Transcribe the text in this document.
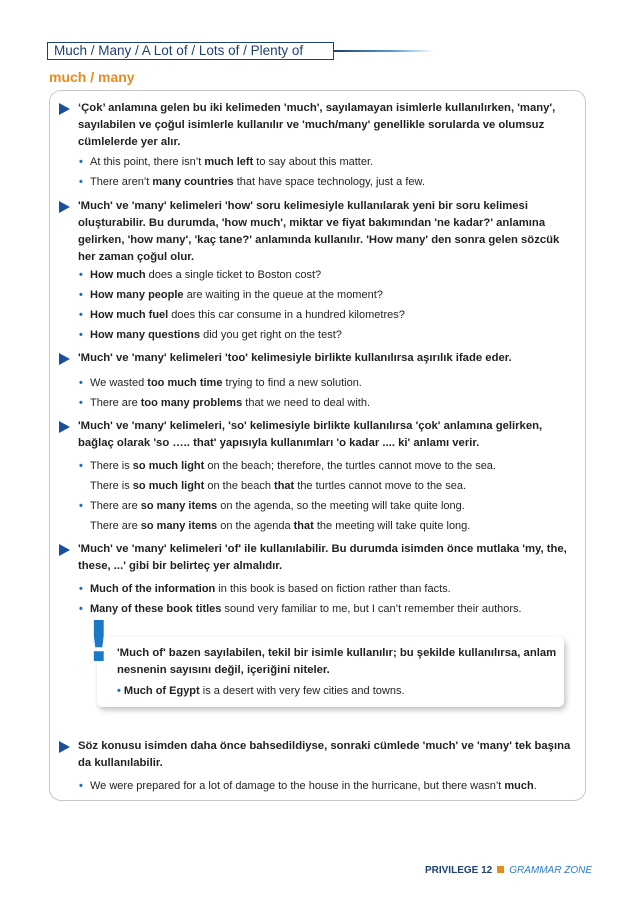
Much / Many / A Lot of / Lots of / Plenty of
much / many
‘Çok’ anlamına gelen bu iki kelimeden 'much', sayılamayan isimlerle kullanılırken, 'many', sayılabilen ve çoğul isimlerle kullanılır ve 'much/many' genellikle sorularda ve olumsuz cümlelerde yer alır.
• At this point, there isn’t much left to say about this matter.
• There aren’t many countries that have space technology, just a few.
'Much' ve 'many' kelimeleri 'how' soru kelimesiyle kullanılarak yeni bir soru kelimesi oluşturabilir. Bu durumda, 'how much', miktar ve fiyat bakımından 'ne kadar?' anlamına gelirken, 'how many', 'kaç tane?' anlamında kullanılır. 'How many' den sonra gelen sözcük her zaman çoğul olur.
• How much does a single ticket to Boston cost?
• How many people are waiting in the queue at the moment?
• How much fuel does this car consume in a hundred kilometres?
• How many questions did you get right on the test?
'Much' ve 'many' kelimeleri 'too' kelimesiyle birlikte kullanılırsa aşırılık ifade eder.
• We wasted too much time trying to find a new solution.
• There are too many problems that we need to deal with.
'Much' ve 'many' kelimeleri, 'so' kelimesiyle birlikte kullanılırsa 'çok' anlamına gelirken, bağlaç olarak 'so ….. that' yapısıyla kullanımları 'o kadar .... ki' anlamı verir.
• There is so much light on the beach; therefore, the turtles cannot move to the sea.
There is so much light on the beach that the turtles cannot move to the sea.
• There are so many items on the agenda, so the meeting will take quite long.
There are so many items on the agenda that the meeting will take quite long.
'Much' ve 'many' kelimeleri 'of' ile kullanılabilir. Bu durumda isimden önce mutlaka 'my, the, these, ...' gibi bir belirteç yer almalıdır.
• Much of the information in this book is based on fiction rather than facts.
• Many of these book titles sound very familiar to me, but I can’t remember their authors.
! 'Much of' bazen sayılabilen, tekil bir isimle kullanılır; bu şekilde kullanılırsa, anlam nesnenin sayısını değil, içeriğini niteler.
• Much of Egypt is a desert with very few cities and towns.
Söz konusu isimden daha önce bahsedildiyse, sonraki cümlede 'much' ve 'many' tek başına da kullanılabilir.
• We were prepared for a lot of damage to the house in the hurricane, but there wasn’t much.
PRIVILEGE 12 GRAMMAR ZONE
